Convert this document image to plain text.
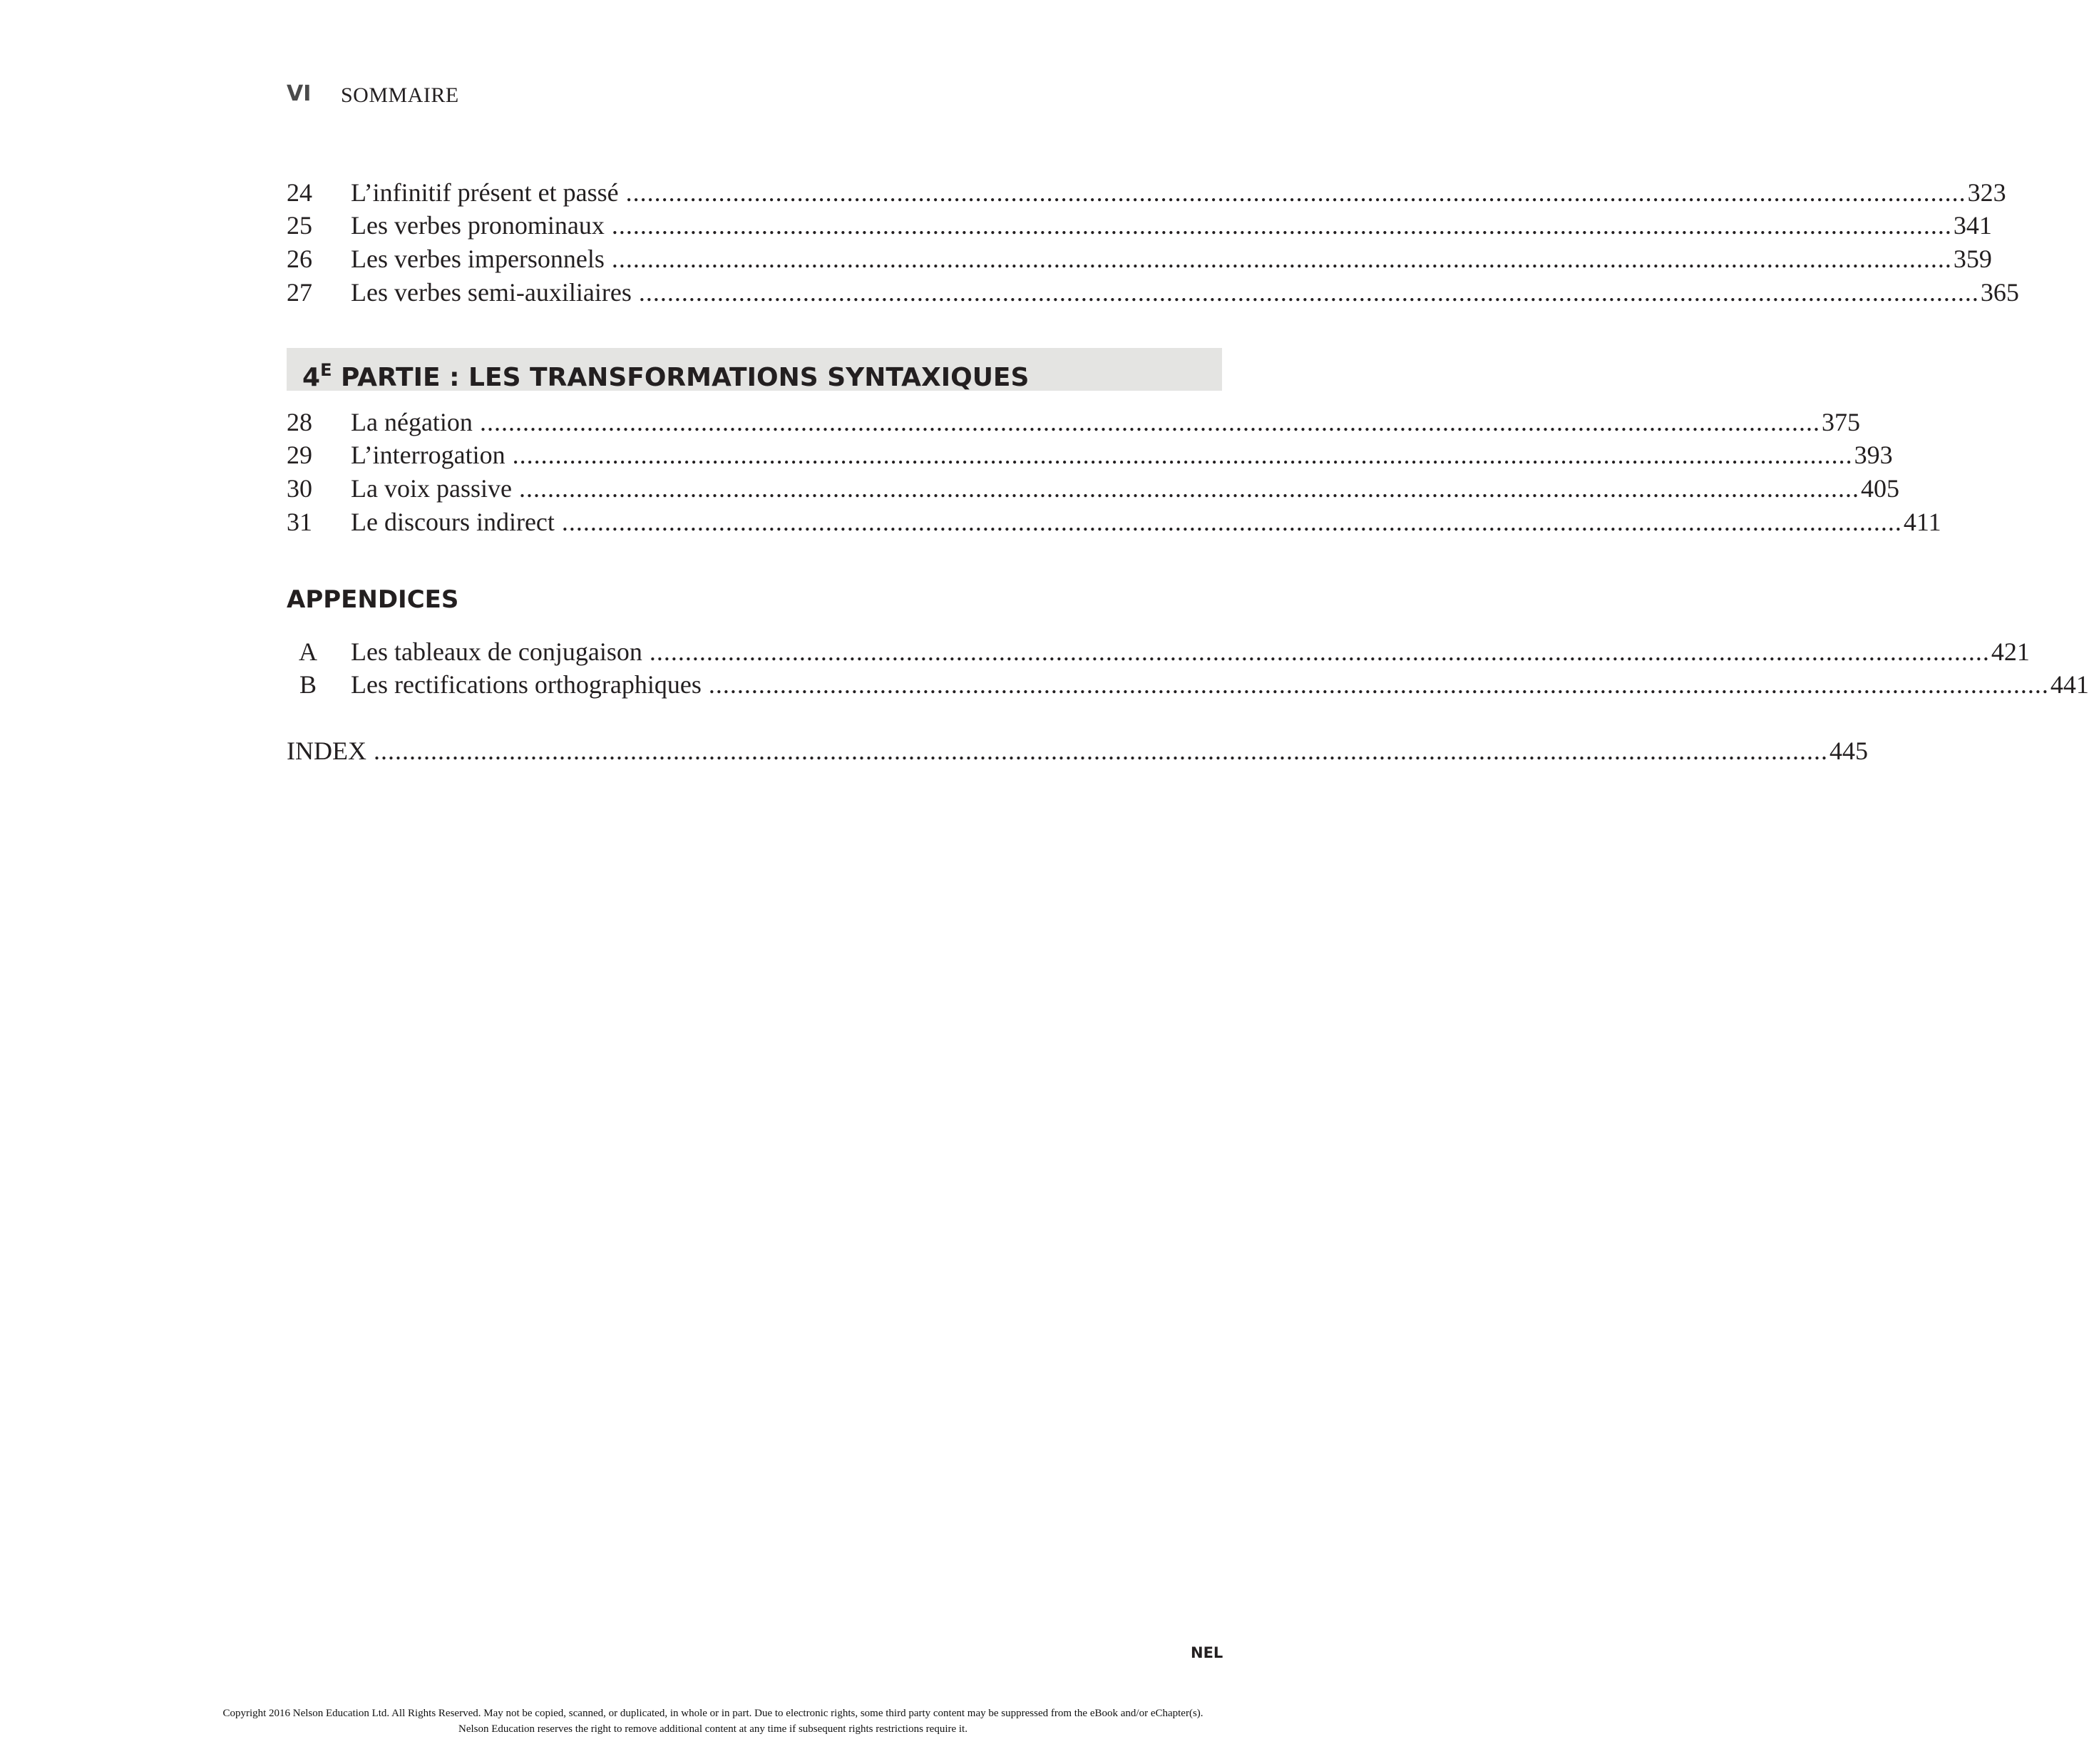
VI SOMMAIRE
24	L’infinitif présent et passé ............................................................................................................................................................................................ 323
25	Les verbes pronominaux ............................................................................................................................................................................................ 341
26	Les verbes impersonnels ............................................................................................................................................................................................ 359
27	Les verbes semi-auxiliaires ............................................................................................................................................................................................ 365
$4^E$ PARTIE : LES TRANSFORMATIONS SYNTAXIQUES
28	La négation ............................................................................................................................................................................................ 375
29	L’interrogation ............................................................................................................................................................................................ 393
30	La voix passive ............................................................................................................................................................................................ 405
31	Le discours indirect ............................................................................................................................................................................................ 411
APPENDICES
A	Les tableaux de conjugaison ............................................................................................................................................................................................ 421
B	Les rectifications orthographiques ............................................................................................................................................................................................ 441
INDEX ............................................................................................................................................................................................................ 445
NEL
Copyright 2016 Nelson Education Ltd. All Rights Reserved. May not be copied, scanned, or duplicated, in whole or in part. Due to electronic rights, some third party content may be suppressed from the eBook and/or eChapter(s).
Nelson Education reserves the right to remove additional content at any time if subsequent rights restrictions require it.
